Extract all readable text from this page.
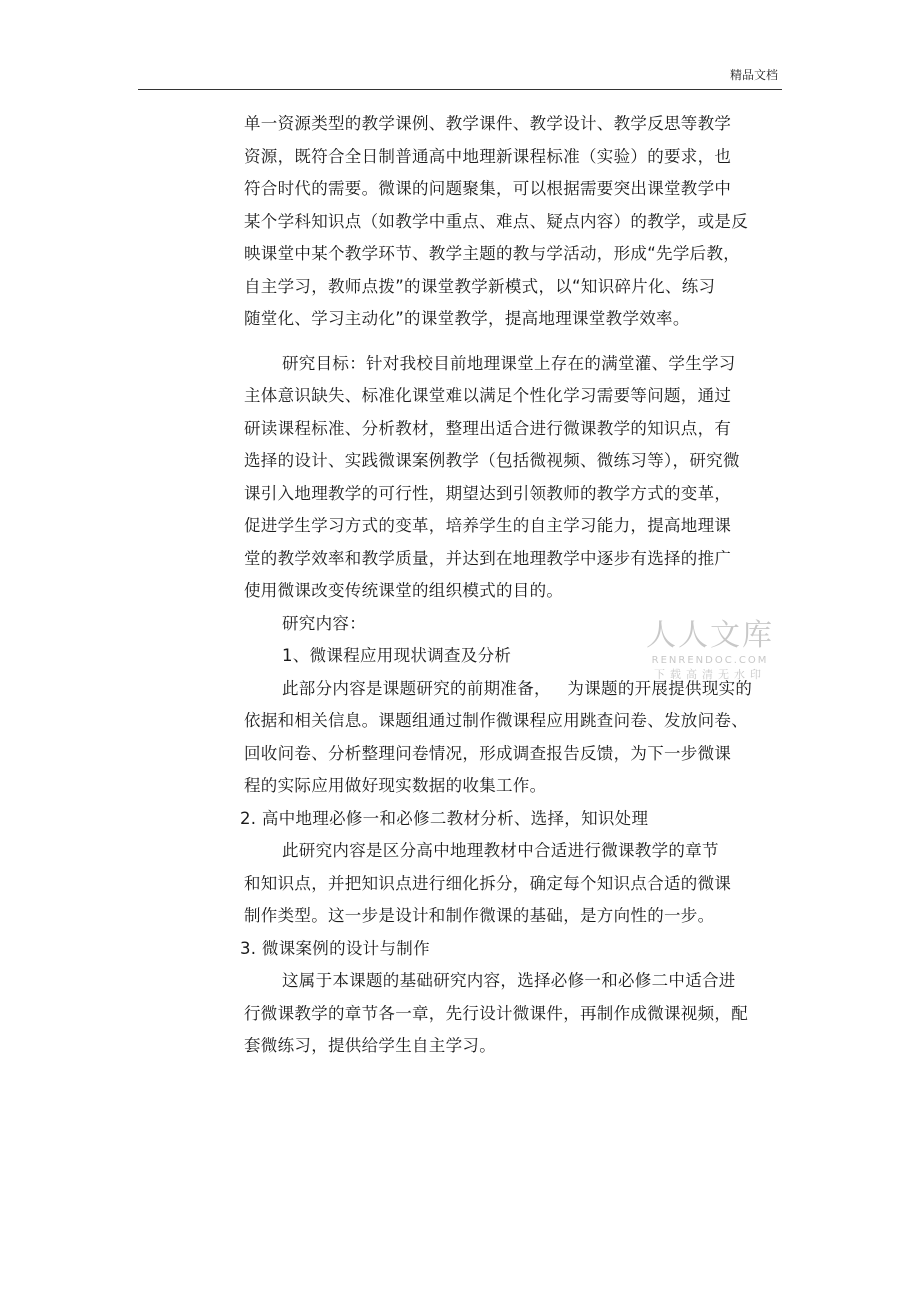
精品文档
单一资源类型的教学课例、教学课件、教学设计、教学反思等教学
资源，既符合全日制普通高中地理新课程标准（实验）的要求，也
符合时代的需要。微课的问题聚集，可以根据需要突出课堂教学中
某个学科知识点（如教学中重点、难点、疑点内容）的教学，或是反
映课堂中某个教学环节、教学主题的教与学活动，形成“先学后教，
自主学习，教师点拨”的课堂教学新模式，以“知识碎片化、练习
随堂化、学习主动化”的课堂教学，提高地理课堂教学效率。
研究目标：针对我校目前地理课堂上存在的满堂灌、学生学习
主体意识缺失、标准化课堂难以满足个性化学习需要等问题，通过
研读课程标准、分析教材，整理出适合进行微课教学的知识点，有
选择的设计、实践微课案例教学（包括微视频、微练习等），研究微
课引入地理教学的可行性，期望达到引领教师的教学方式的变革，
促进学生学习方式的变革，培养学生的自主学习能力，提高地理课
堂的教学效率和教学质量，并达到在地理教学中逐步有选择的推广
使用微课改变传统课堂的组织模式的目的。
研究内容：
1、微课程应用现状调查及分析
此部分内容是课题研究的前期准备，   为课题的开展提供现实的
依据和相关信息。课题组通过制作微课程应用跳查问卷、发放问卷、
回收问卷、分析整理问卷情况，形成调查报告反馈，为下一步微课
程的实际应用做好现实数据的收集工作。
2. 高中地理必修一和必修二教材分析、选择，知识处理
此研究内容是区分高中地理教材中合适进行微课教学的章节
和知识点，并把知识点进行细化拆分，确定每个知识点合适的微课
制作类型。这一步是设计和制作微课的基础，是方向性的一步。
3. 微课案例的设计与制作
这属于本课题的基础研究内容，选择必修一和必修二中适合进
行微课教学的章节各一章，先行设计微课件，再制作成微课视频，配
套微练习，提供给学生自主学习。
人人文库
RENRENDOC.COM
下载高清无水印
